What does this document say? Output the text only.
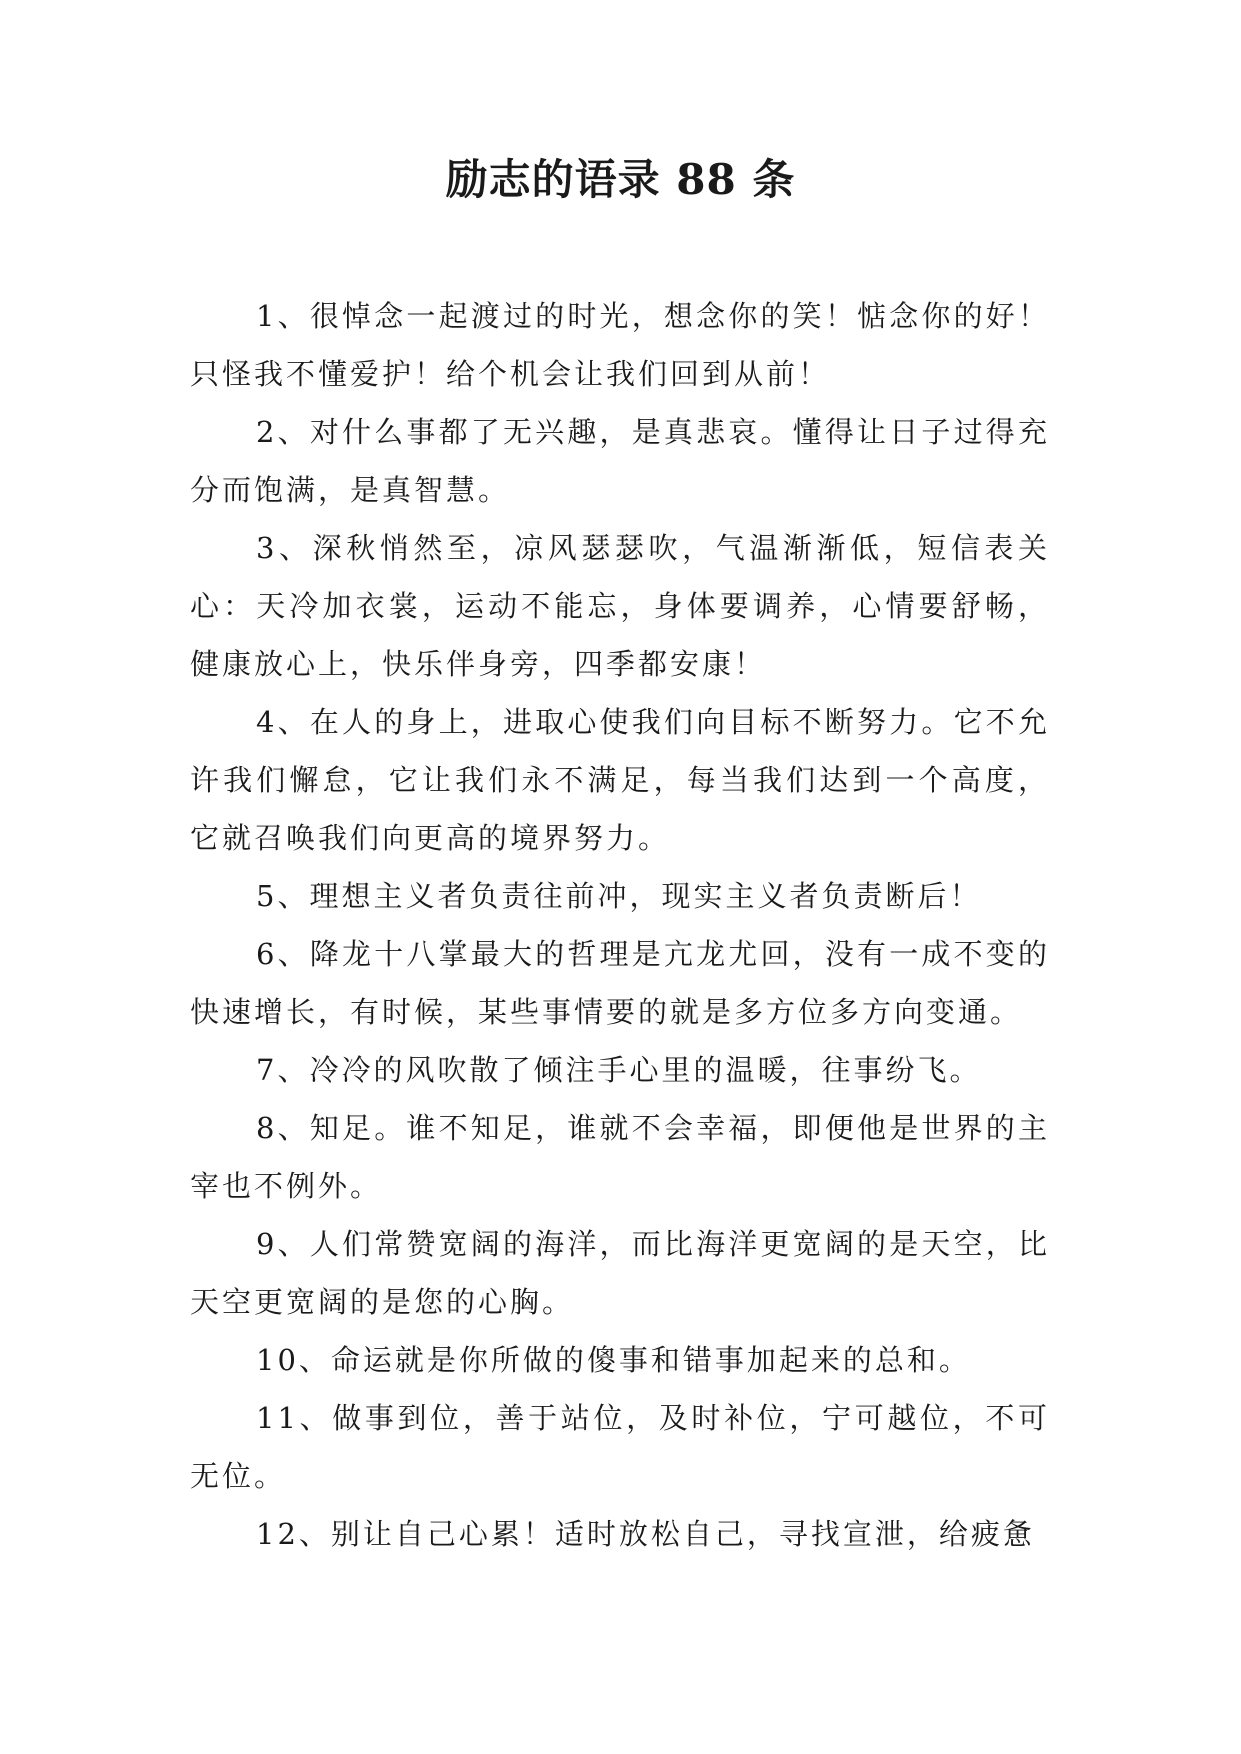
励志的语录 88 条

1、很悼念一起渡过的时光，想念你的笑！惦念你的好！只怪我不懂爱护！给个机会让我们回到从前！

2、对什么事都了无兴趣，是真悲哀。懂得让日子过得充分而饱满，是真智慧。

3、深秋悄然至，凉风瑟瑟吹，气温渐渐低，短信表关心：天冷加衣裳，运动不能忘，身体要调养，心情要舒畅，健康放心上，快乐伴身旁，四季都安康！

4、在人的身上，进取心使我们向目标不断努力。它不允许我们懈怠，它让我们永不满足，每当我们达到一个高度，它就召唤我们向更高的境界努力。

5、理想主义者负责往前冲，现实主义者负责断后！

6、降龙十八掌最大的哲理是亢龙尤回，没有一成不变的快速增长，有时候，某些事情要的就是多方位多方向变通。

7、冷冷的风吹散了倾注手心里的温暖，往事纷飞。

8、知足。谁不知足，谁就不会幸福，即便他是世界的主宰也不例外。

9、人们常赞宽阔的海洋，而比海洋更宽阔的是天空，比天空更宽阔的是您的心胸。

10、命运就是你所做的傻事和错事加起来的总和。

11、做事到位，善于站位，及时补位，宁可越位，不可无位。

12、别让自己心累！适时放松自己，寻找宣泄，给疲惫
